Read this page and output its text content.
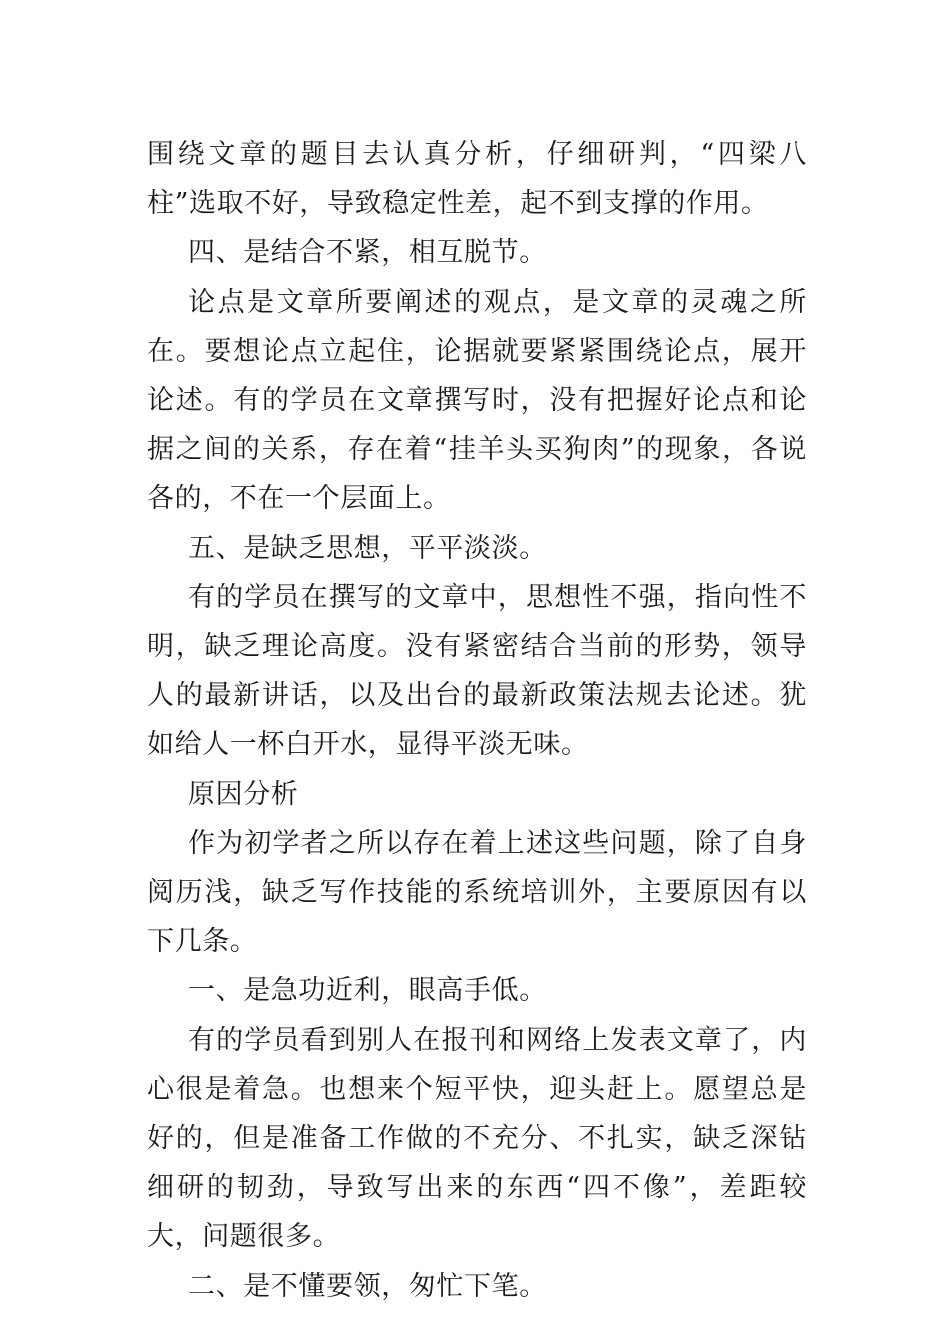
围绕文章的题目去认真分析，仔细研判，“四梁八柱”选取不好，导致稳定性差，起不到支撑的作用。

四、是结合不紧，相互脱节。

论点是文章所要阐述的观点，是文章的灵魂之所在。要想论点立起住，论据就要紧紧围绕论点，展开论述。有的学员在文章撰写时，没有把握好论点和论据之间的关系，存在着“挂羊头买狗肉”的现象，各说各的，不在一个层面上。

五、是缺乏思想，平平淡淡。

有的学员在撰写的文章中，思想性不强，指向性不明，缺乏理论高度。没有紧密结合当前的形势，领导人的最新讲话，以及出台的最新政策法规去论述。犹如给人一杯白开水，显得平淡无味。

原因分析

作为初学者之所以存在着上述这些问题，除了自身阅历浅，缺乏写作技能的系统培训外，主要原因有以下几条。

一、是急功近利，眼高手低。

有的学员看到别人在报刊和网络上发表文章了，内心很是着急。也想来个短平快，迎头赶上。愿望总是好的，但是准备工作做的不充分、不扎实，缺乏深钻细研的韧劲，导致写出来的东西“四不像”，差距较大，问题很多。

二、是不懂要领，匆忙下笔。
